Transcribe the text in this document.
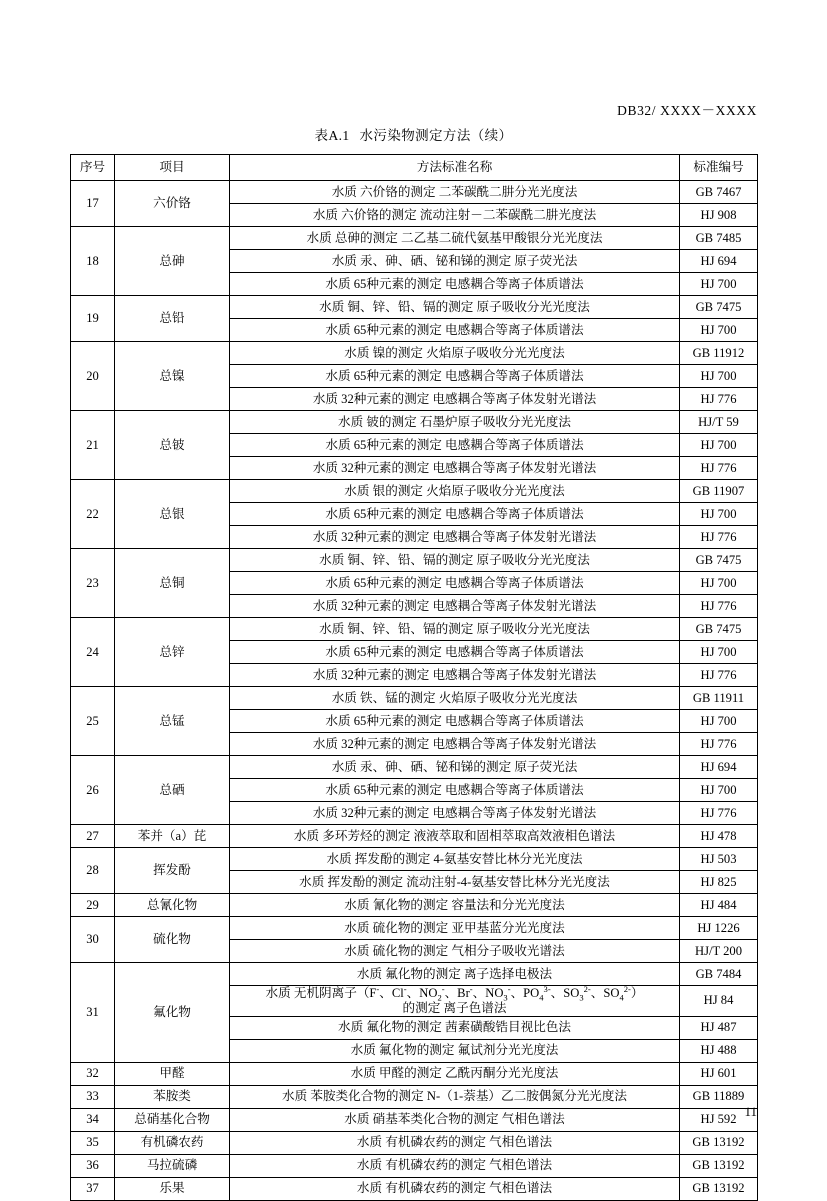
DB32/ XXXX－XXXX
表A.1 水污染物测定方法（续）
序号	项目	方法标准名称	标准编号
17	六价铬	水质 六价铬的测定 二苯碳酰二肼分光光度法	GB 7467
		水质 六价铬的测定 流动注射－二苯碳酰二肼光度法	HJ 908
18	总砷	水质 总砷的测定 二乙基二硫代氨基甲酸银分光光度法	GB 7485
		水质 汞、砷、硒、铋和锑的测定 原子荧光法	HJ 694
		水质 65种元素的测定 电感耦合等离子体质谱法	HJ 700
19	总铅	水质 铜、锌、铅、镉的测定 原子吸收分光光度法	GB 7475
		水质 65种元素的测定 电感耦合等离子体质谱法	HJ 700
20	总镍	水质 镍的测定 火焰原子吸收分光光度法	GB 11912
		水质 65种元素的测定 电感耦合等离子体质谱法	HJ 700
		水质 32种元素的测定 电感耦合等离子体发射光谱法	HJ 776
21	总铍	水质 铍的测定 石墨炉原子吸收分光光度法	HJ/T 59
		水质 65种元素的测定 电感耦合等离子体质谱法	HJ 700
		水质 32种元素的测定 电感耦合等离子体发射光谱法	HJ 776
22	总银	水质 银的测定 火焰原子吸收分光光度法	GB 11907
		水质 65种元素的测定 电感耦合等离子体质谱法	HJ 700
		水质 32种元素的测定 电感耦合等离子体发射光谱法	HJ 776
23	总铜	水质 铜、锌、铅、镉的测定 原子吸收分光光度法	GB 7475
		水质 65种元素的测定 电感耦合等离子体质谱法	HJ 700
		水质 32种元素的测定 电感耦合等离子体发射光谱法	HJ 776
24	总锌	水质 铜、锌、铅、镉的测定 原子吸收分光光度法	GB 7475
		水质 65种元素的测定 电感耦合等离子体质谱法	HJ 700
		水质 32种元素的测定 电感耦合等离子体发射光谱法	HJ 776
25	总锰	水质 铁、锰的测定 火焰原子吸收分光光度法	GB 11911
		水质 65种元素的测定 电感耦合等离子体质谱法	HJ 700
		水质 32种元素的测定 电感耦合等离子体发射光谱法	HJ 776
26	总硒	水质 汞、砷、硒、铋和锑的测定 原子荧光法	HJ 694
		水质 65种元素的测定 电感耦合等离子体质谱法	HJ 700
		水质 32种元素的测定 电感耦合等离子体发射光谱法	HJ 776
27	苯并（a）芘	水质 多环芳烃的测定 液液萃取和固相萃取高效液相色谱法	HJ 478
28	挥发酚	水质 挥发酚的测定 4-氨基安替比林分光光度法	HJ 503
		水质 挥发酚的测定 流动注射-4-氨基安替比林分光光度法	HJ 825
29	总氰化物	水质 氰化物的测定 容量法和分光光度法	HJ 484
30	硫化物	水质 硫化物的测定 亚甲基蓝分光光度法	HJ 1226
		水质 硫化物的测定 气相分子吸收光谱法	HJ/T 200
31	氟化物	水质 氟化物的测定 离子选择电极法	GB 7484
		水质 无机阴离子（F-、Cl-、$NO_2^-$、Br-、$NO_3^-$、$PO_4^{3-}$、$SO_3^{2-}$、$SO_4^{2-}$）
的测定 离子色谱法	HJ 84
		水质 氟化物的测定 茜素磺酸锆目视比色法	HJ 487
		水质 氟化物的测定 氟试剂分光光度法	HJ 488
32	甲醛	水质 甲醛的测定 乙酰丙酮分光光度法	HJ 601
33	苯胺类	水质 苯胺类化合物的测定 N-（1-萘基）乙二胺偶氮分光光度法	GB 11889
34	总硝基化合物	水质 硝基苯类化合物的测定 气相色谱法	HJ 592
35	有机磷农药	水质 有机磷农药的测定 气相色谱法	GB 13192
36	马拉硫磷	水质 有机磷农药的测定 气相色谱法	GB 13192
37	乐果	水质 有机磷农药的测定 气相色谱法	GB 13192
11
